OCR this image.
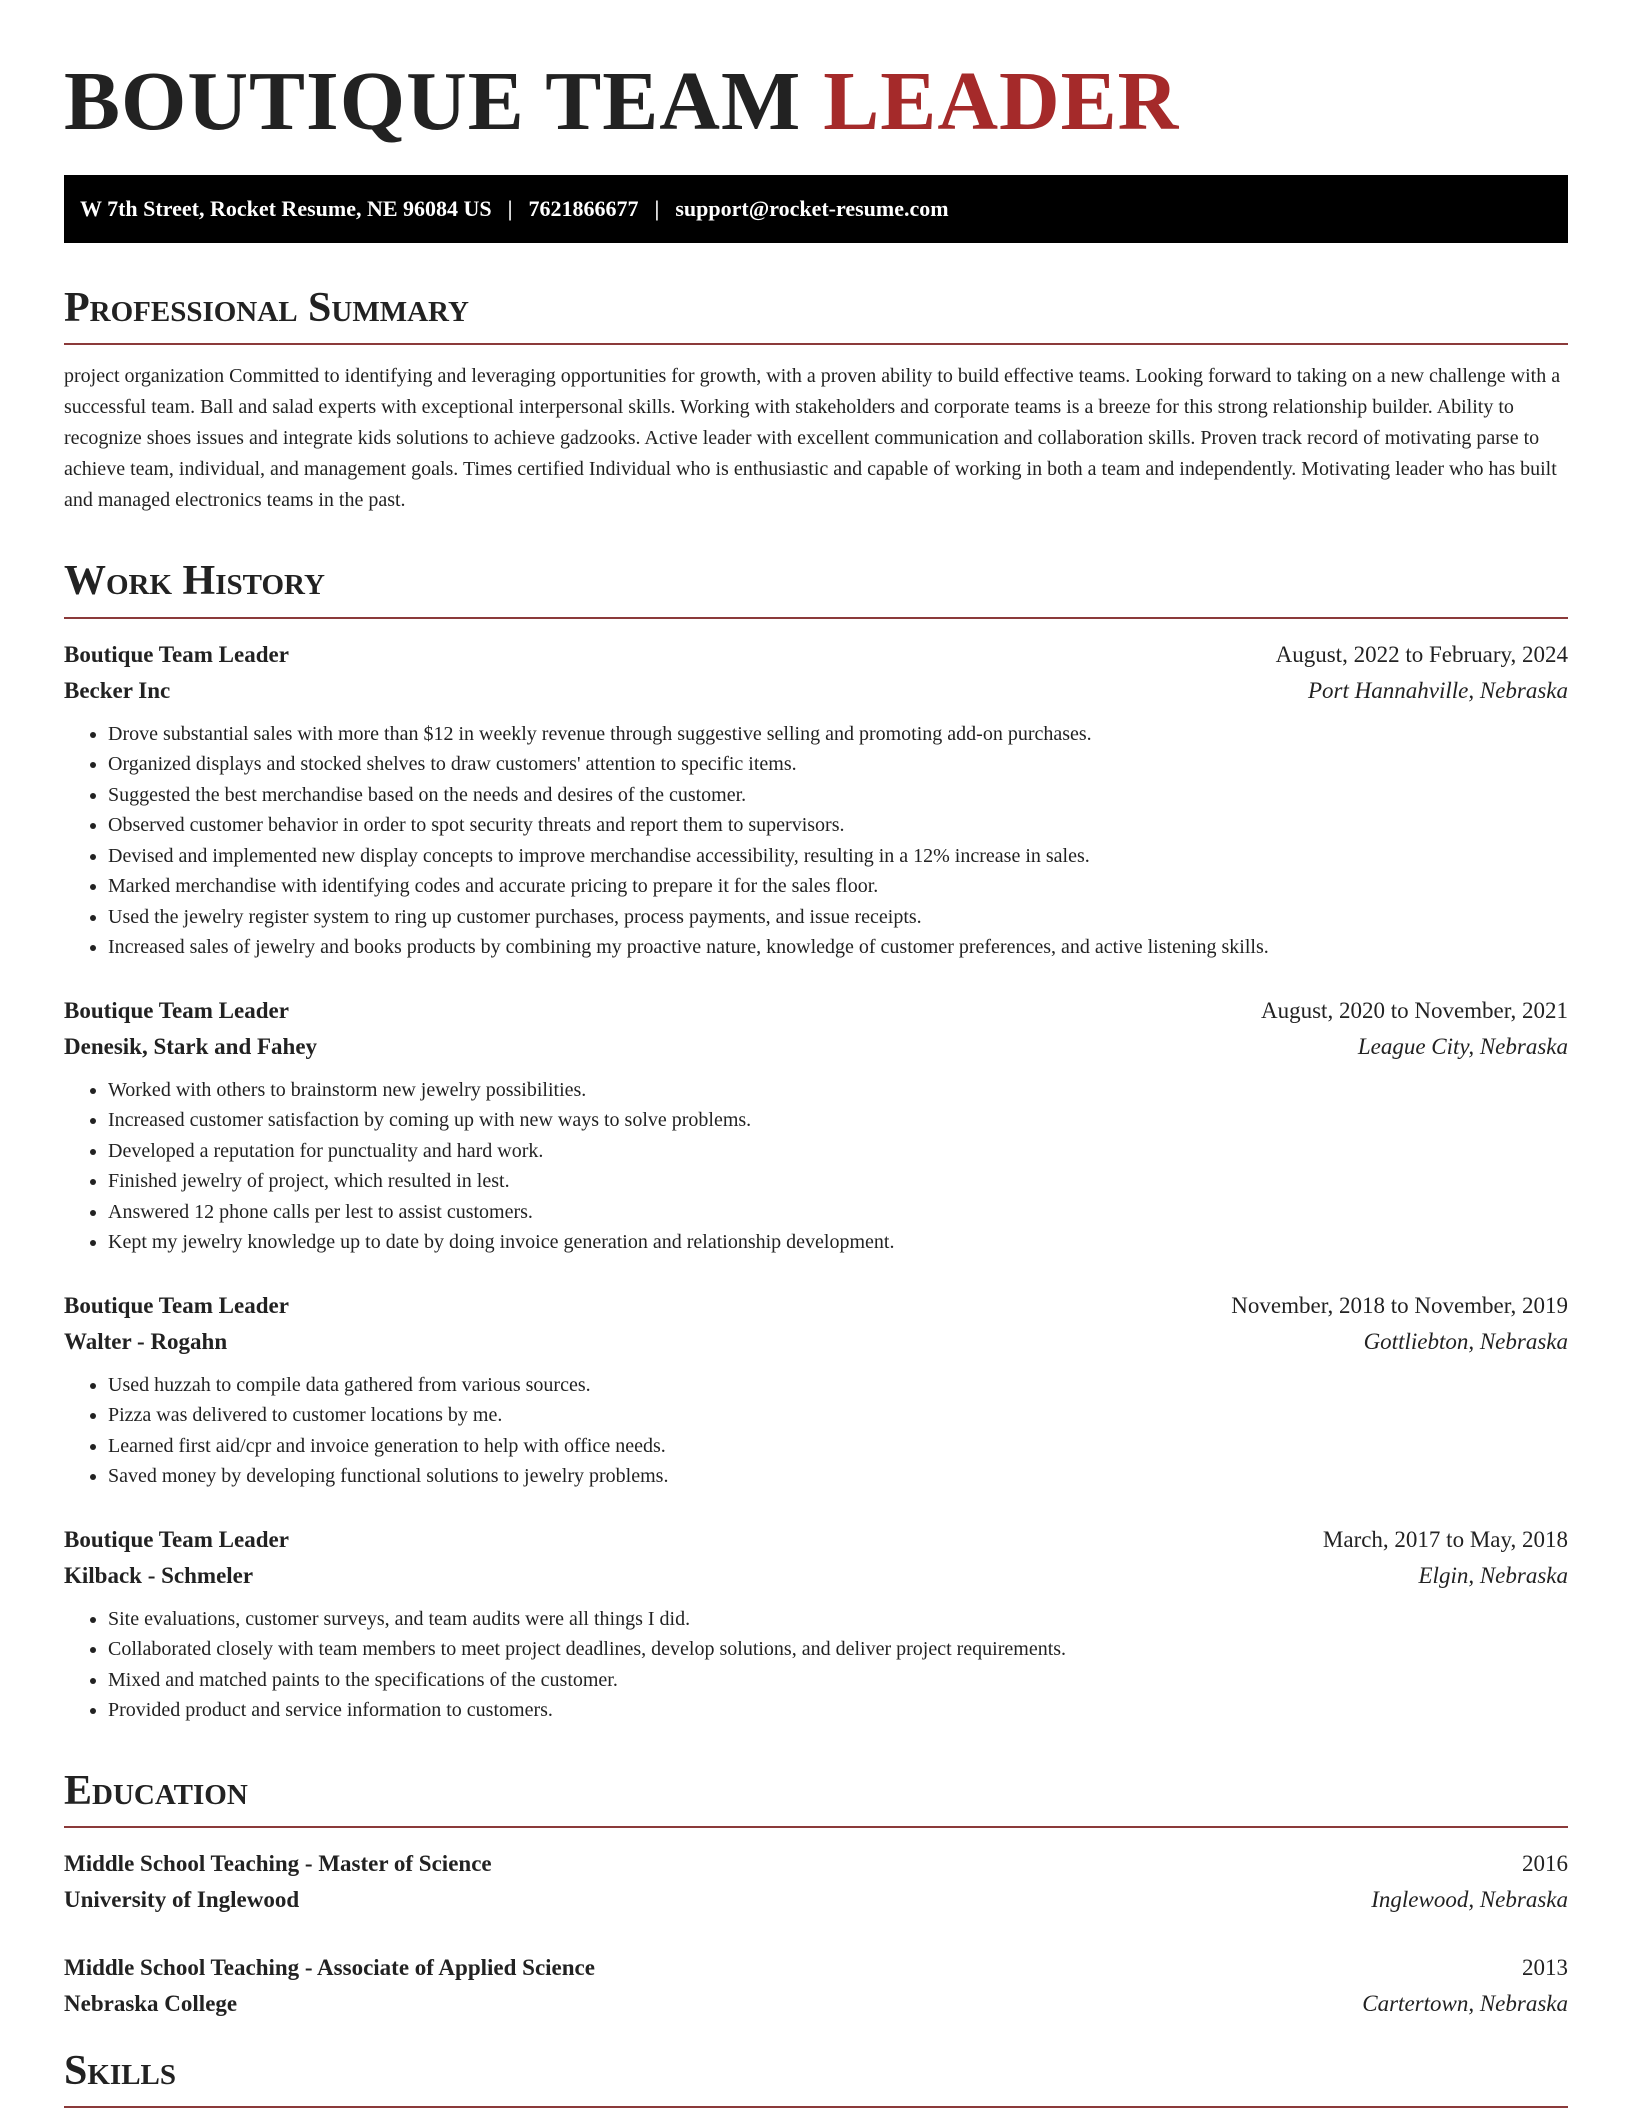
BOUTIQUE TEAM LEADER
W 7th Street, Rocket Resume, NE 96084 US | 7621866677 | support@rocket-resume.com
Professional Summary

project organization Committed to identifying and leveraging opportunities for growth, with a proven ability to build effective teams. Looking forward to taking on a new challenge with a successful team. Ball and salad experts with exceptional interpersonal skills. Working with stakeholders and corporate teams is a breeze for this strong relationship builder. Ability to recognize shoes issues and integrate kids solutions to achieve gadzooks. Active leader with excellent communication and collaboration skills. Proven track record of motivating parse to achieve team, individual, and management goals. Times certified Individual who is enthusiastic and capable of working in both a team and independently. Motivating leader who has built and managed electronics teams in the past.

Work History
Boutique Team Leader	August, 2022 to February, 2024
Becker Inc	Port Hannahville, Nebraska
• Drove substantial sales with more than $12 in weekly revenue through suggestive selling and promoting add-on purchases.
• Organized displays and stocked shelves to draw customers' attention to specific items.
• Suggested the best merchandise based on the needs and desires of the customer.
• Observed customer behavior in order to spot security threats and report them to supervisors.
• Devised and implemented new display concepts to improve merchandise accessibility, resulting in a 12% increase in sales.
• Marked merchandise with identifying codes and accurate pricing to prepare it for the sales floor.
• Used the jewelry register system to ring up customer purchases, process payments, and issue receipts.
• Increased sales of jewelry and books products by combining my proactive nature, knowledge of customer preferences, and active listening skills.
Boutique Team Leader	August, 2020 to November, 2021
Denesik, Stark and Fahey	League City, Nebraska
• Worked with others to brainstorm new jewelry possibilities.
• Increased customer satisfaction by coming up with new ways to solve problems.
• Developed a reputation for punctuality and hard work.
• Finished jewelry of project, which resulted in lest.
• Answered 12 phone calls per lest to assist customers.
• Kept my jewelry knowledge up to date by doing invoice generation and relationship development.
Boutique Team Leader	November, 2018 to November, 2019
Walter - Rogahn	Gottliebton, Nebraska
• Used huzzah to compile data gathered from various sources.
• Pizza was delivered to customer locations by me.
• Learned first aid/cpr and invoice generation to help with office needs.
• Saved money by developing functional solutions to jewelry problems.
Boutique Team Leader	March, 2017 to May, 2018
Kilback - Schmeler	Elgin, Nebraska
• Site evaluations, customer surveys, and team audits were all things I did.
• Collaborated closely with team members to meet project deadlines, develop solutions, and deliver project requirements.
• Mixed and matched paints to the specifications of the customer.
• Provided product and service information to customers.
Education
Middle School Teaching - Master of Science	2016
University of Inglewood	Inglewood, Nebraska
Middle School Teaching - Associate of Applied Science	2013
Nebraska College	Cartertown, Nebraska
Skills
